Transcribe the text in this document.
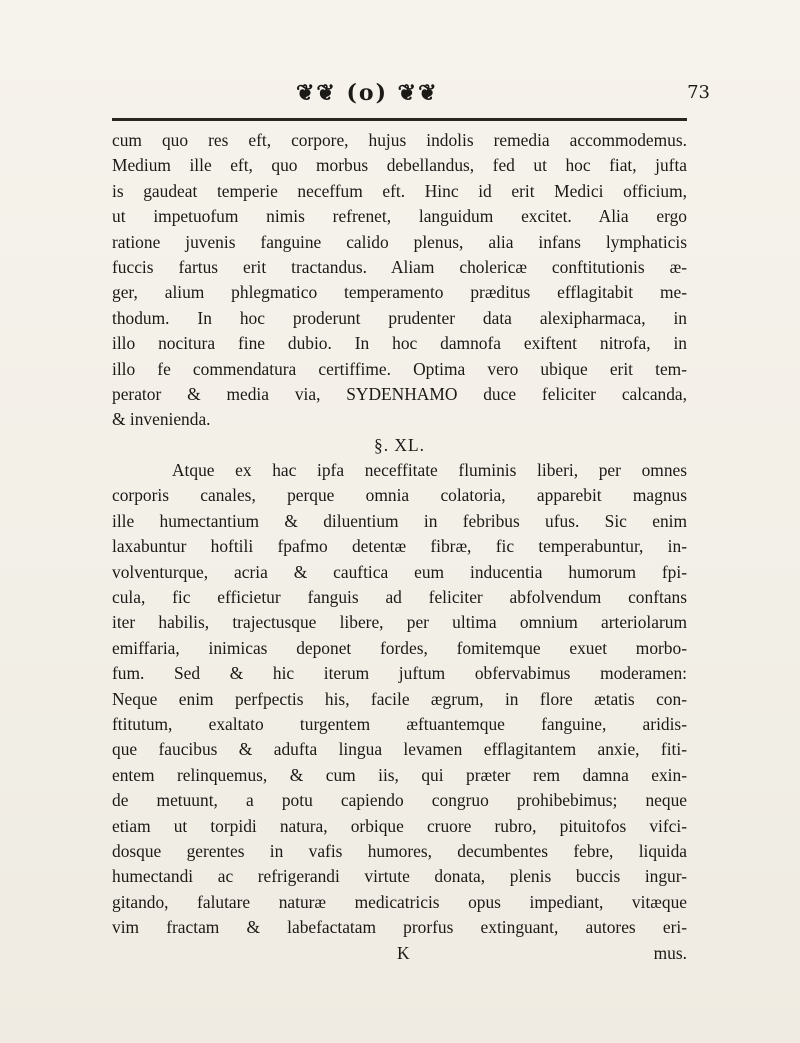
❦❦ (o) ❦❦	73
cum quo res eft, corpore, hujus indolis remedia accommodemus.
Medium ille eft, quo morbus debellandus, fed ut hoc fiat, jufta
is gaudeat temperie neceffum eft. Hinc id erit Medici officium,
ut impetuofum nimis refrenet, languidum excitet. Alia ergo
ratione juvenis fanguine calido plenus, alia infans lymphaticis
fuccis fartus erit tractandus. Aliam cholericæ conftitutionis æ-
ger, alium phlegmatico temperamento præditus efflagitabit me-
thodum. In hoc proderunt prudenter data alexipharmaca, in
illo nocitura fine dubio. In hoc damnofa exiftent nitrofa, in
illo fe commendatura certiffime. Optima vero ubique erit tem-
perator & media via, SYDENHAMO duce feliciter calcanda,
& invenienda.
§. XL.
Atque ex hac ipfa neceffitate fluminis liberi, per omnes
corporis canales, perque omnia colatoria, apparebit magnus
ille humectantium & diluentium in febribus ufus. Sic enim
laxabuntur hoftili fpafmo detentæ fibræ, fic temperabuntur, in-
volventurque, acria & cauftica eum inducentia humorum fpi-
cula, fic efficietur fanguis ad feliciter abfolvendum conftans
iter habilis, trajectusque libere, per ultima omnium arteriolarum
emiffaria, inimicas deponet fordes, fomitemque exuet morbo-
fum. Sed & hic iterum juftum obfervabimus moderamen:
Neque enim perfpectis his, facile ægrum, in flore ætatis con-
ftitutum, exaltato turgentem æftuantemque fanguine, aridis-
que faucibus & adufta lingua levamen efflagitantem anxie, fiti-
entem relinquemus, & cum iis, qui præter rem damna exin-
de metuunt, a potu capiendo congruo prohibebimus; neque
etiam ut torpidi natura, orbique cruore rubro, pituitofos vifci-
dosque gerentes in vafis humores, decumbentes febre, liquida
humectandi ac refrigerandi virtute donata, plenis buccis ingur-
gitando, falutare naturæ medicatricis opus impediant, vitæque
vim fractam & labefactatam prorfus extinguant, autores eri-
K	mus.
